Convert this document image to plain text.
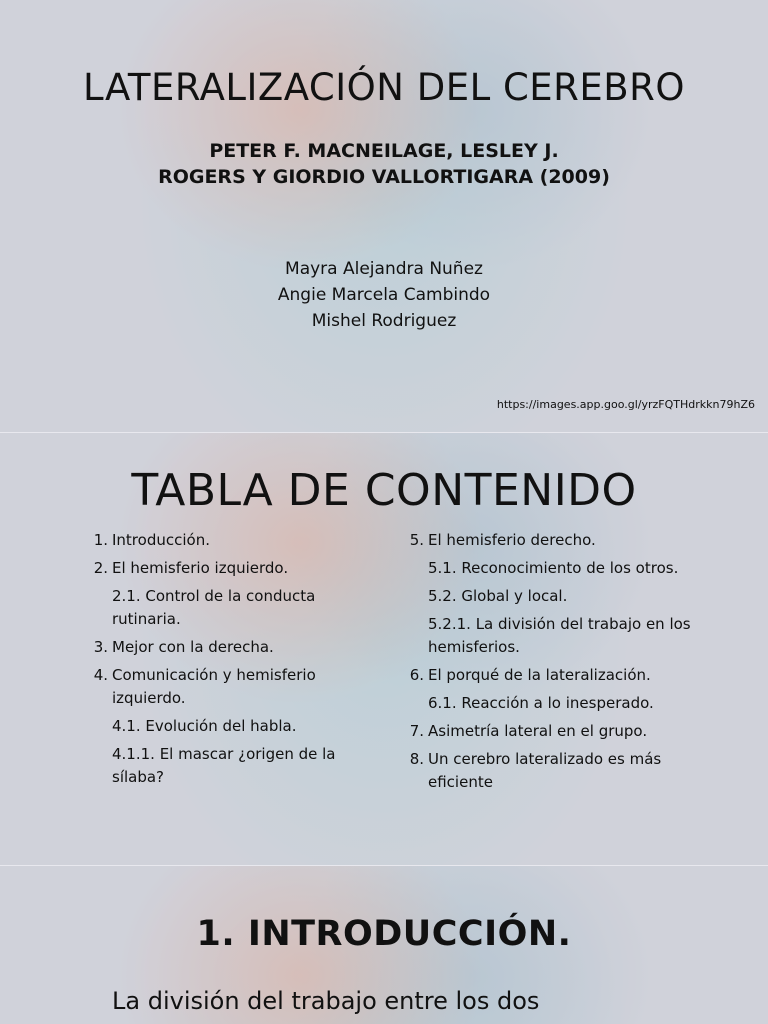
LATERALIZACIÓN DEL CEREBRO
PETER F. MACNEILAGE, LESLEY J.
ROGERS Y GIORDIO VALLORTIGARA (2009)
Mayra Alejandra Nuñez
Angie Marcela Cambindo
Mishel Rodriguez
https://images.app.goo.gl/yrzFQTHdrkkn79hZ6
TABLA DE CONTENIDO
1. Introducción.
2. El hemisferio izquierdo.
2.1. Control de la conducta rutinaria.
3. Mejor con la derecha.
4. Comunicación y hemisferio izquierdo.
4.1. Evolución del habla.
4.1.1. El mascar ¿origen de la sílaba?
5. El hemisferio derecho.
5.1. Reconocimiento de los otros.
5.2. Global y local.
5.2.1. La división del trabajo en los hemisferios.
6. El porqué de la lateralización.
6.1. Reacción a lo inesperado.
7. Asimetría lateral en el grupo.
8. Un cerebro lateralizado es más eficiente
1. INTRODUCCIÓN.
La división del trabajo entre los dos
